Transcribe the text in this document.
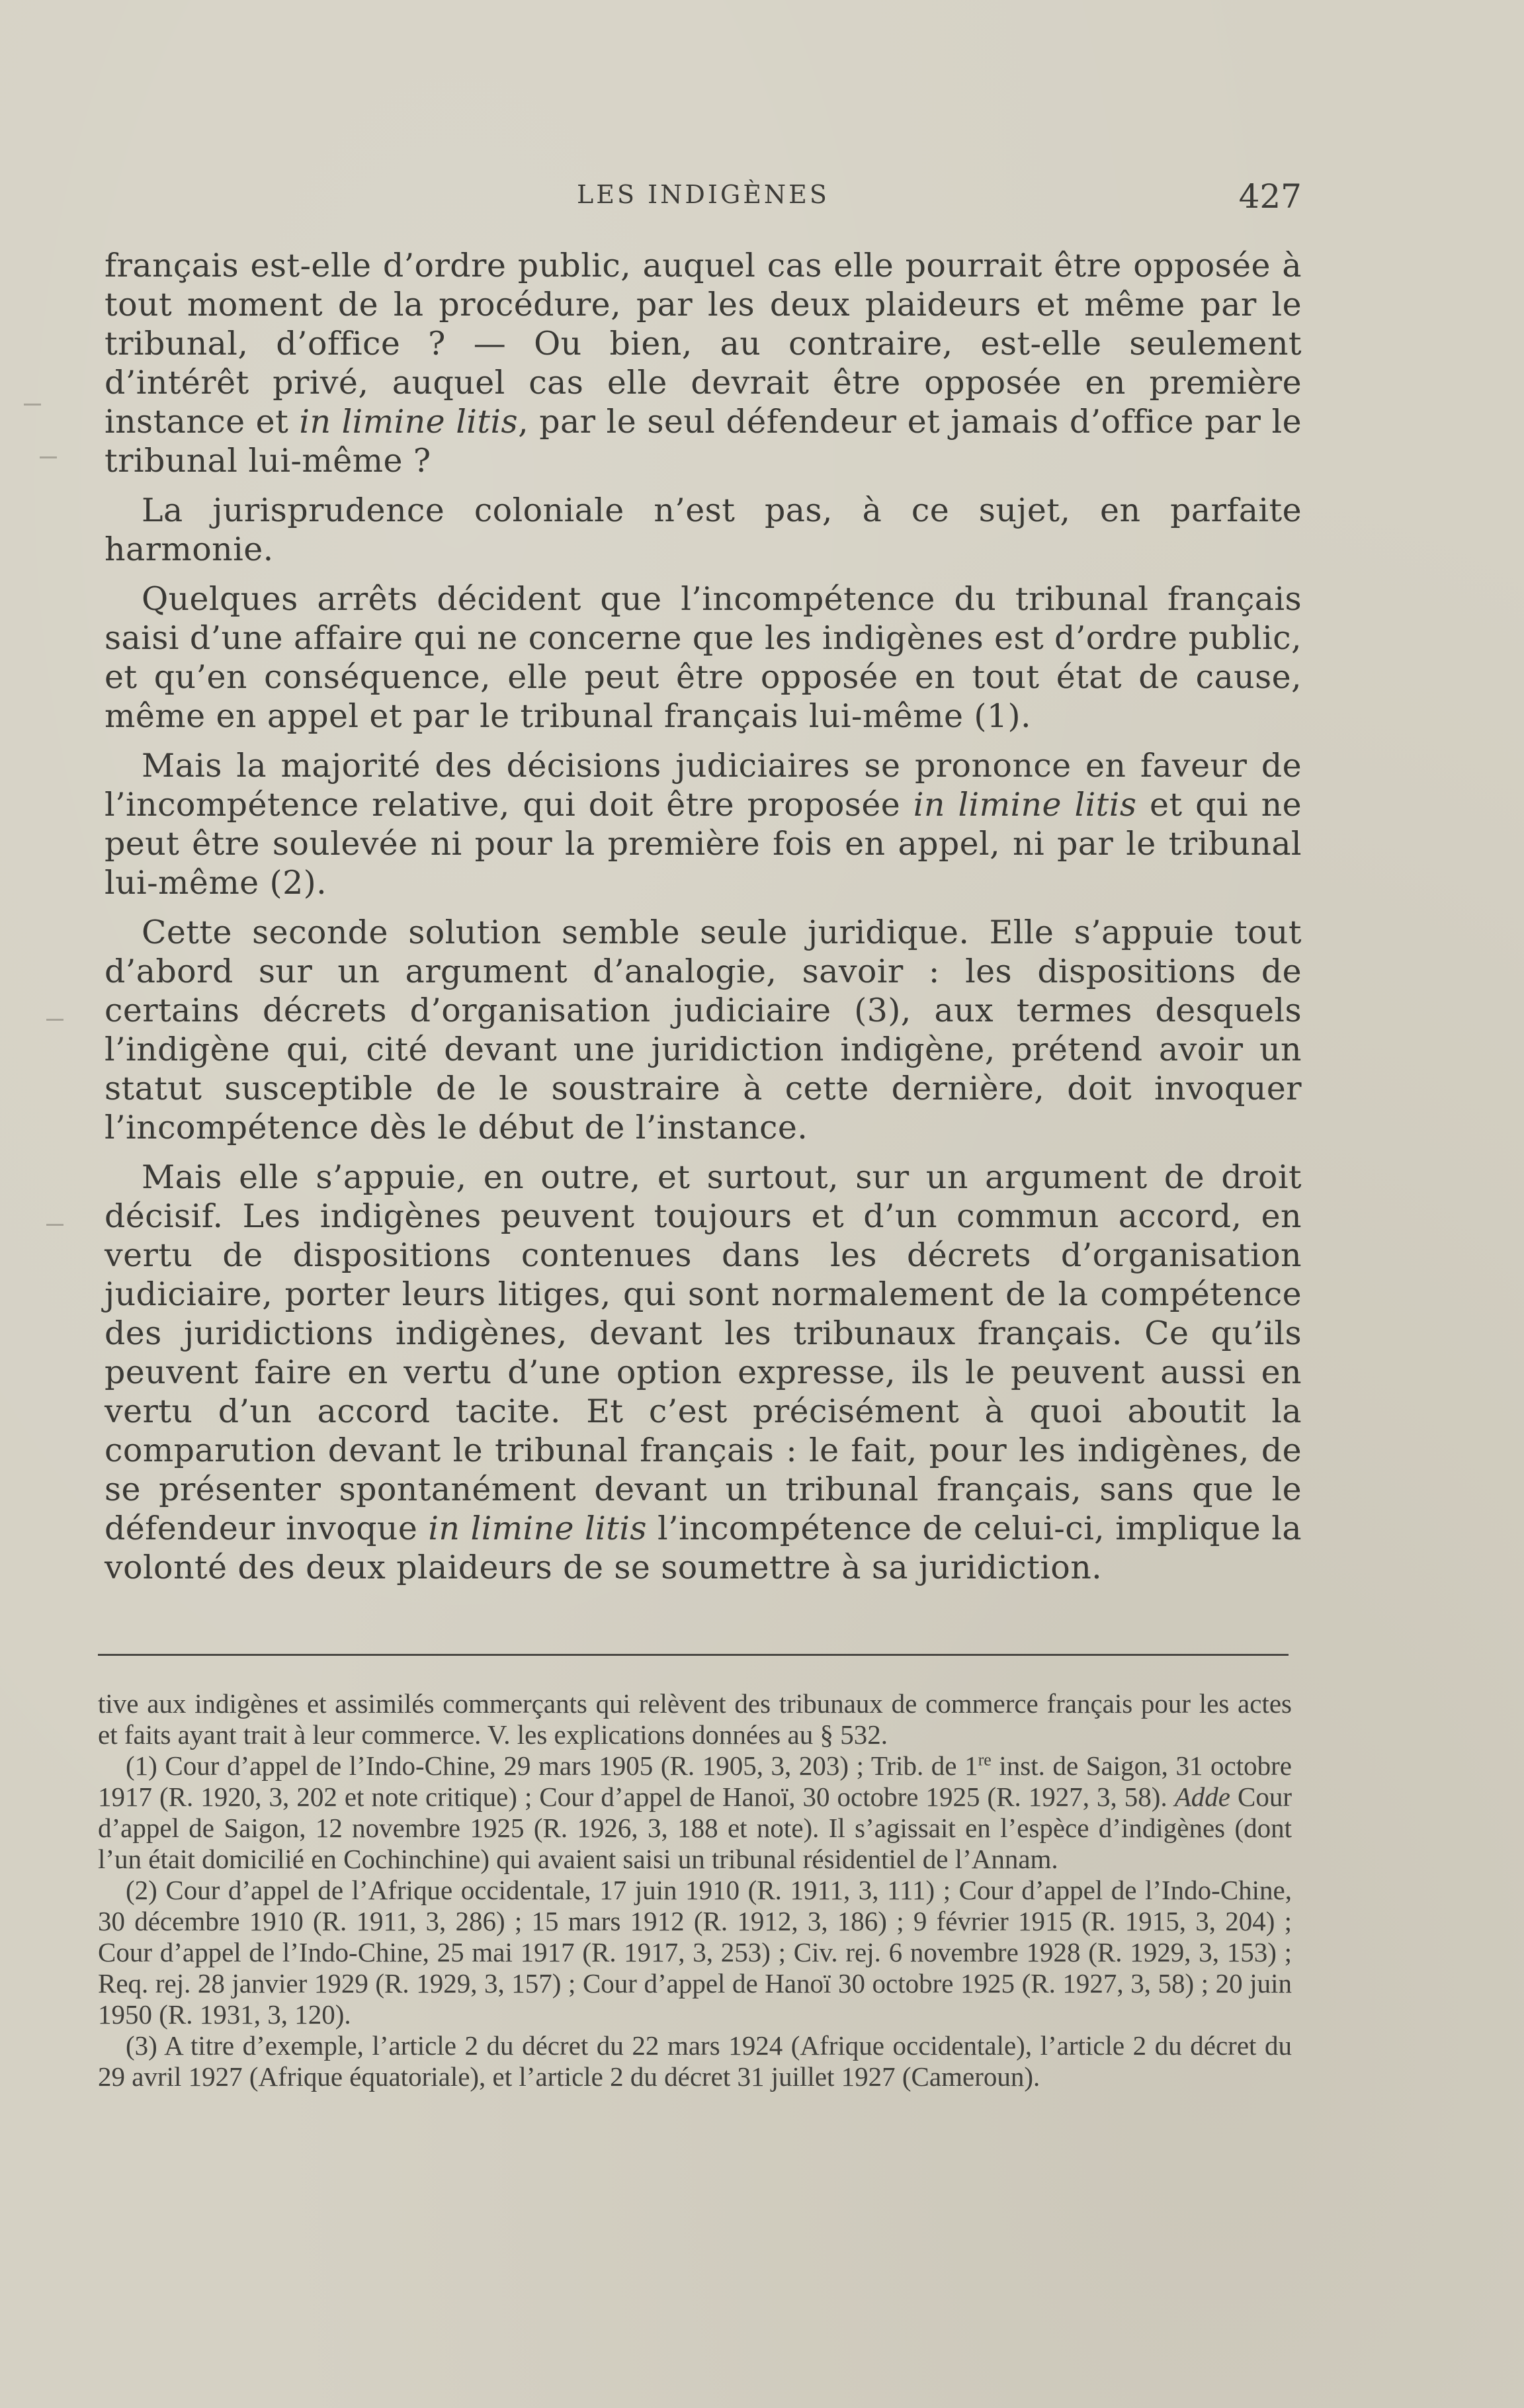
LES INDIGÈNES	427

français est-elle d’ordre public, auquel cas elle pourrait être opposée à tout moment de la procédure, par les deux plaideurs et même par le tribunal, d’office ? — Ou bien, au contraire, est-elle seulement d’intérêt privé, auquel cas elle devrait être opposée en première instance et in limine litis, par le seul défendeur et jamais d’office par le tribunal lui-même ?

La jurisprudence coloniale n’est pas, à ce sujet, en parfaite harmonie.

Quelques arrêts décident que l’incompétence du tribunal français saisi d’une affaire qui ne concerne que les indigènes est d’ordre public, et qu’en conséquence, elle peut être opposée en tout état de cause, même en appel et par le tribunal français lui-même (1).

Mais la majorité des décisions judiciaires se prononce en faveur de l’incompétence relative, qui doit être proposée in limine litis et qui ne peut être soulevée ni pour la première fois en appel, ni par le tribunal lui-même (2).

Cette seconde solution semble seule juridique. Elle s’appuie tout d’abord sur un argument d’analogie, savoir : les dispositions de certains décrets d’organisation judiciaire (3), aux termes desquels l’indigène qui, cité devant une juridiction indigène, prétend avoir un statut susceptible de le soustraire à cette dernière, doit invoquer l’incompétence dès le début de l’instance.

Mais elle s’appuie, en outre, et surtout, sur un argument de droit décisif. Les indigènes peuvent toujours et d’un commun accord, en vertu de dispositions contenues dans les décrets d’organisation judiciaire, porter leurs litiges, qui sont normalement de la compétence des juridictions indigènes, devant les tribunaux français. Ce qu’ils peuvent faire en vertu d’une option expresse, ils le peuvent aussi en vertu d’un accord tacite. Et c’est précisément à quoi aboutit la comparution devant le tribunal français : le fait, pour les indigènes, de se présenter spontanément devant un tribunal français, sans que le défendeur invoque in limine litis l’incompétence de celui-ci, implique la volonté des deux plaideurs de se soumettre à sa juridiction.

tive aux indigènes et assimilés commerçants qui relèvent des tribunaux de commerce français pour les actes et faits ayant trait à leur commerce. V. les explications données au § 532.

(1) Cour d’appel de l’Indo-Chine, 29 mars 1905 (R. 1905, 3, 203) ; Trib. de 1re inst. de Saigon, 31 octobre 1917 (R. 1920, 3, 202 et note critique) ; Cour d’appel de Hanoï, 30 octobre 1925 (R. 1927, 3, 58). Adde Cour d’appel de Saigon, 12 novembre 1925 (R. 1926, 3, 188 et note). Il s’agissait en l’espèce d’indigènes (dont l’un était domicilié en Cochinchine) qui avaient saisi un tribunal résidentiel de l’Annam.

(2) Cour d’appel de l’Afrique occidentale, 17 juin 1910 (R. 1911, 3, 111) ; Cour d’appel de l’Indo-Chine, 30 décembre 1910 (R. 1911, 3, 286) ; 15 mars 1912 (R. 1912, 3, 186) ; 9 février 1915 (R. 1915, 3, 204) ; Cour d’appel de l’Indo-Chine, 25 mai 1917 (R. 1917, 3, 253) ; Civ. rej. 6 novembre 1928 (R. 1929, 3, 153) ; Req. rej. 28 janvier 1929 (R. 1929, 3, 157) ; Cour d’appel de Hanoï 30 octobre 1925 (R. 1927, 3, 58) ; 20 juin 1950 (R. 1931, 3, 120).

(3) A titre d’exemple, l’article 2 du décret du 22 mars 1924 (Afrique occidentale), l’article 2 du décret du 29 avril 1927 (Afrique équatoriale), et l’article 2 du décret 31 juillet 1927 (Cameroun).
